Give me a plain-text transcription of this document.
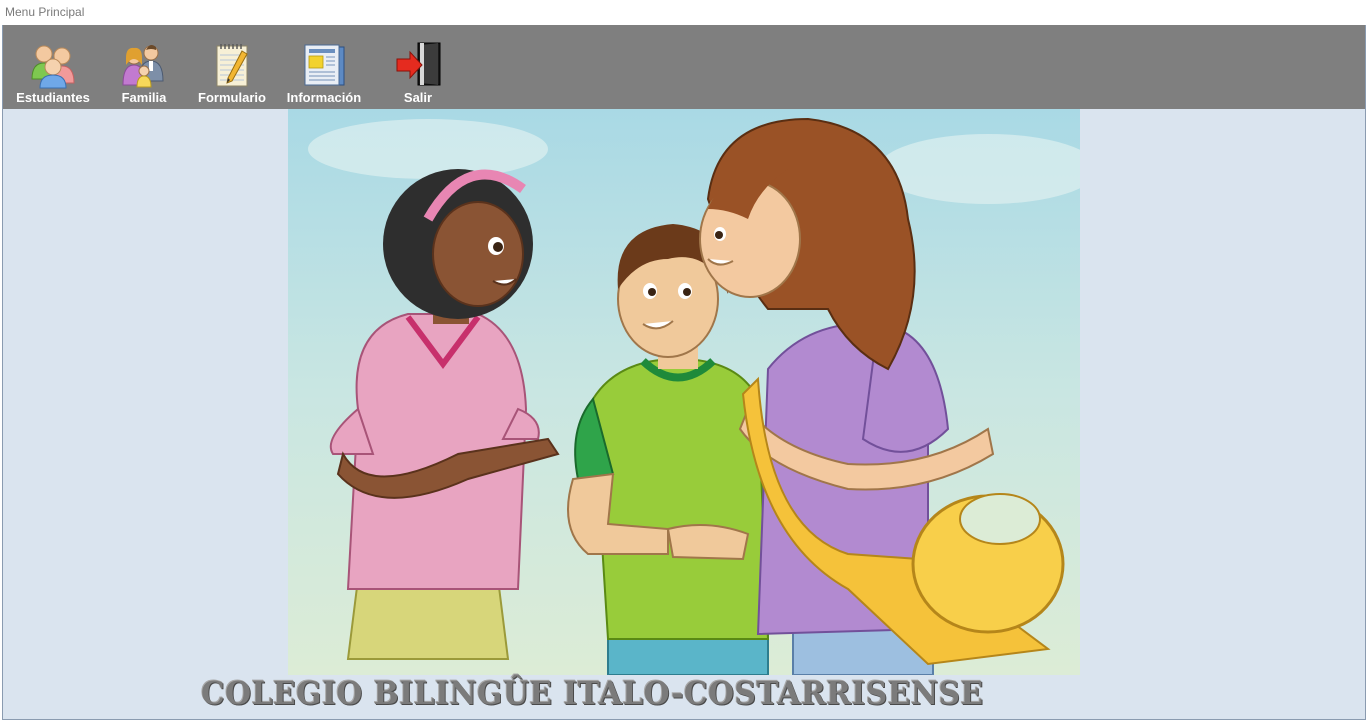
Menu Principal
Estudiantes	Familia	Formulario Información	Salir
COLEGIO BILINGÛE ITALO-COSTARRISENSE
